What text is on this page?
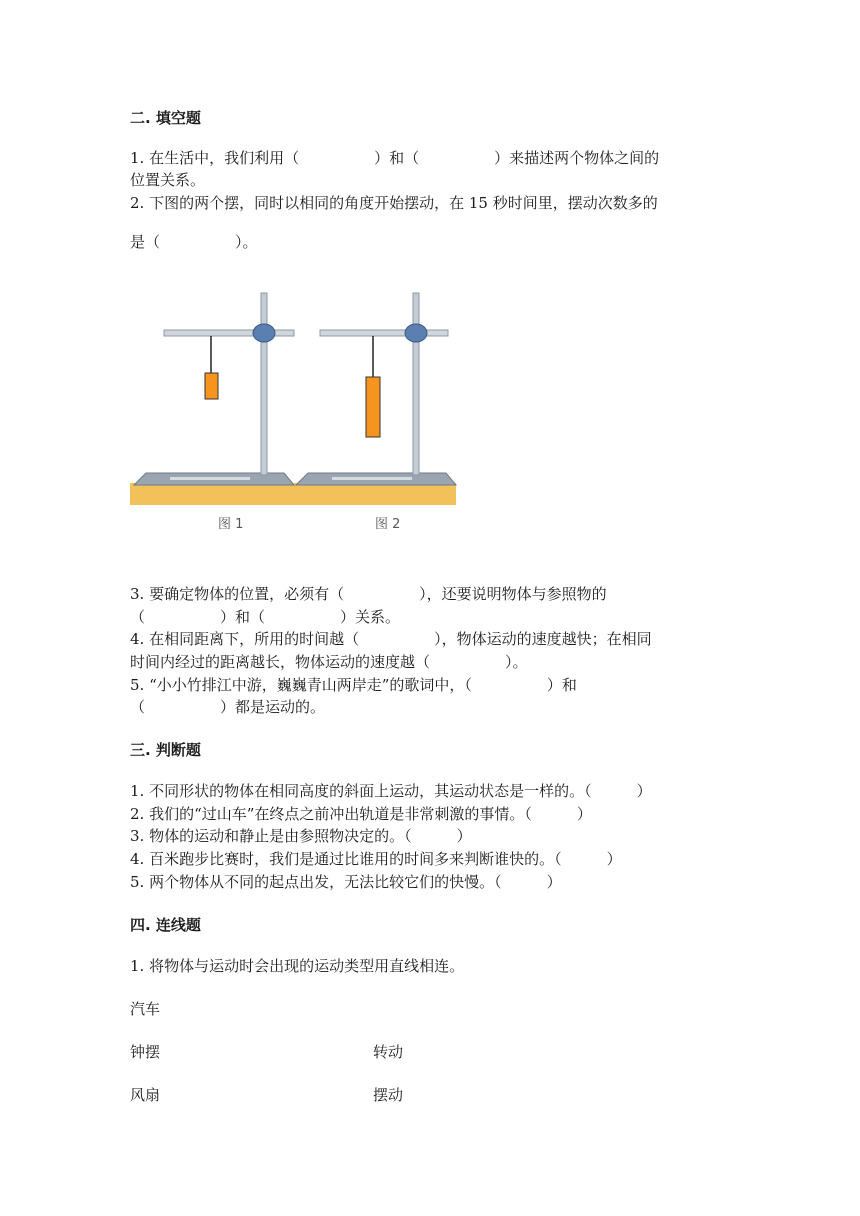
二. 填空题
1. 在生活中，我们利用（　　　　　）和（　　　　　）来描述两个物体之间的
位置关系。
2. 下图的两个摆，同时以相同的角度开始摆动，在 15 秒时间里，摆动次数多的
是（　　　　　）。
图 1	图 2
3. 要确定物体的位置，必须有（　　　　　），还要说明物体与参照物的
（　　　　　）和（　　　　　）关系。
4. 在相同距离下，所用的时间越（　　　　　），物体运动的速度越快；在相同
时间内经过的距离越长，物体运动的速度越（　　　　　）。
5. “小小竹排江中游，巍巍青山两岸走”的歌词中，（　　　　　）和
（　　　　　）都是运动的。
三. 判断题
1. 不同形状的物体在相同高度的斜面上运动，其运动状态是一样的。（　　　）
2. 我们的“过山车”在终点之前冲出轨道是非常刺激的事情。（　　　）
3. 物体的运动和静止是由参照物决定的。（　　　）
4. 百米跑步比赛时，我们是通过比谁用的时间多来判断谁快的。（　　　）
5. 两个物体从不同的起点出发，无法比较它们的快慢。（　　　）
四. 连线题
1. 将物体与运动时会出现的运动类型用直线相连。
汽车
钟摆
风扇
转动
摆动
